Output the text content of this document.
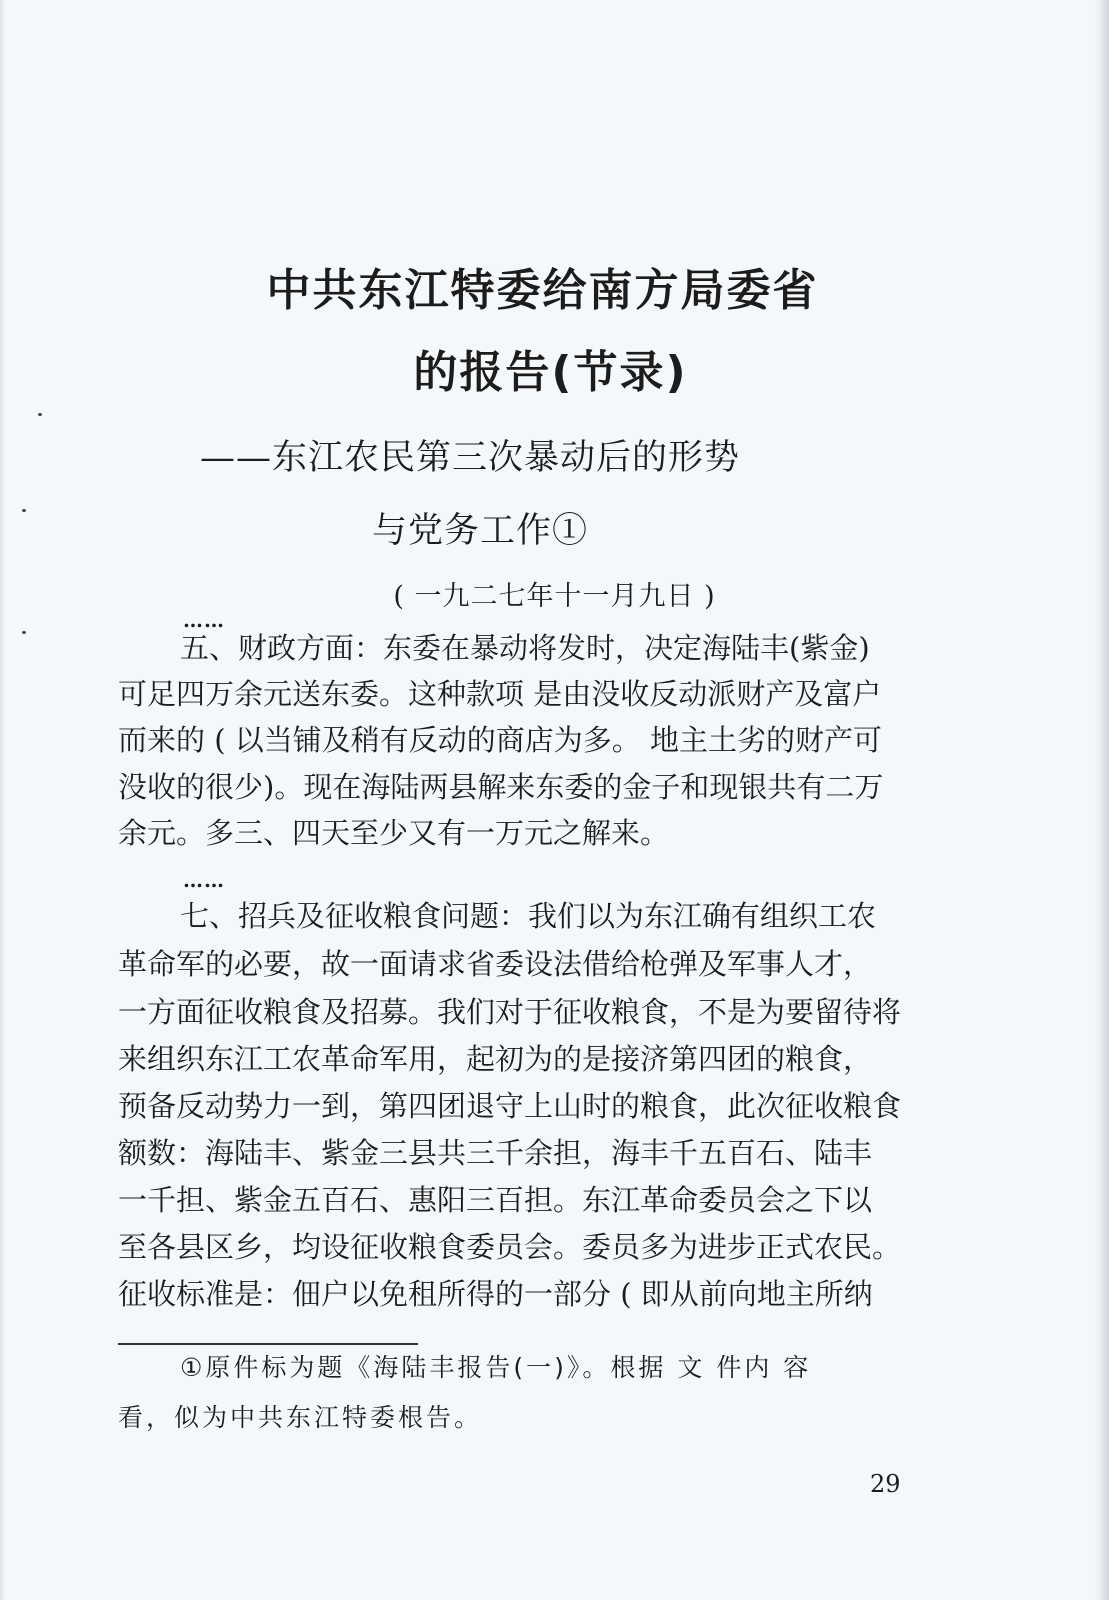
中共东江特委给南方局委省
的报告(节录)
——东江农民第三次暴动后的形势
与党务工作①
( 一九二七年十一月九日 )
……
五、财政方面：东委在暴动将发时，决定海陆丰(紫金)
可足四万余元送东委。这种款项 是由没收反动派财产及富户
而来的 ( 以当铺及稍有反动的商店为多。 地主土劣的财产可
没收的很少)。现在海陆两县解来东委的金子和现银共有二万
余元。多三、四天至少又有一万元之解来。
……
七、招兵及征收粮食问题：我们以为东江确有组织工农
革命军的必要，故一面请求省委设法借给枪弹及军事人才，
一方面征收粮食及招募。我们对于征收粮食，不是为要留待将
来组织东江工农革命军用，起初为的是接济第四团的粮食，
预备反动势力一到，第四团退守上山时的粮食，此次征收粮食
额数：海陆丰、紫金三县共三千余担，海丰千五百石、陆丰
一千担、紫金五百石、惠阳三百担。东江革命委员会之下以
至各县区乡，均设征收粮食委员会。委员多为进步正式农民。
征收标准是：佃户以免租所得的一部分 ( 即从前向地主所纳
①原件标为题《海陆丰报告(一)》。根据 文 件内 容
看，似为中共东江特委根告。
29
